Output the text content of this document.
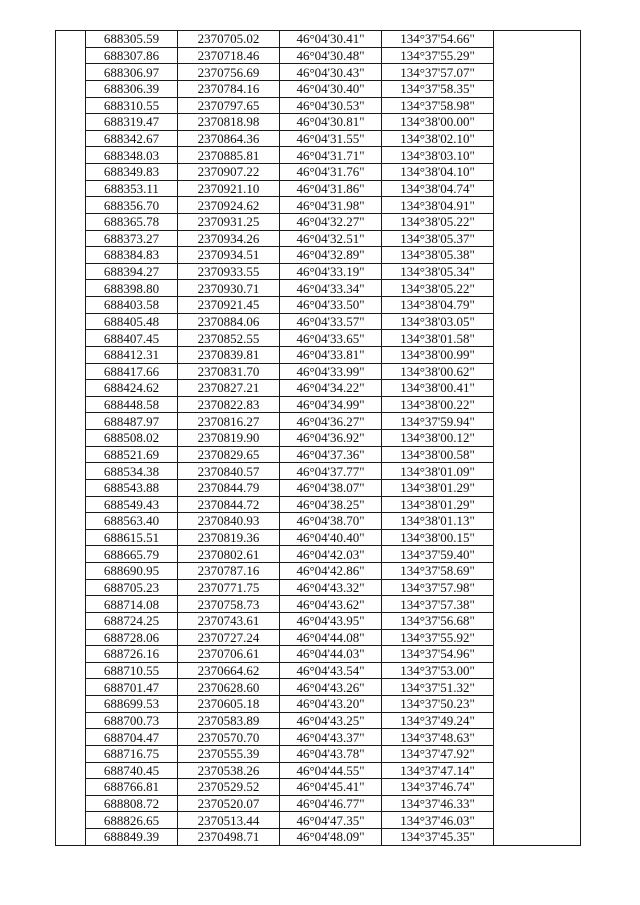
	688305.59	2370705.02	46°04'30.41"	134°37'54.66"	
	688307.86	2370718.46	46°04'30.48"	134°37'55.29"	
	688306.97	2370756.69	46°04'30.43"	134°37'57.07"	
	688306.39	2370784.16	46°04'30.40"	134°37'58.35"	
	688310.55	2370797.65	46°04'30.53"	134°37'58.98"	
	688319.47	2370818.98	46°04'30.81"	134°38'00.00"	
	688342.67	2370864.36	46°04'31.55"	134°38'02.10"	
	688348.03	2370885.81	46°04'31.71"	134°38'03.10"	
	688349.83	2370907.22	46°04'31.76"	134°38'04.10"	
	688353.11	2370921.10	46°04'31.86"	134°38'04.74"	
	688356.70	2370924.62	46°04'31.98"	134°38'04.91"	
	688365.78	2370931.25	46°04'32.27"	134°38'05.22"	
	688373.27	2370934.26	46°04'32.51"	134°38'05.37"	
	688384.83	2370934.51	46°04'32.89"	134°38'05.38"	
	688394.27	2370933.55	46°04'33.19"	134°38'05.34"	
	688398.80	2370930.71	46°04'33.34"	134°38'05.22"	
	688403.58	2370921.45	46°04'33.50"	134°38'04.79"	
	688405.48	2370884.06	46°04'33.57"	134°38'03.05"	
	688407.45	2370852.55	46°04'33.65"	134°38'01.58"	
	688412.31	2370839.81	46°04'33.81"	134°38'00.99"	
	688417.66	2370831.70	46°04'33.99"	134°38'00.62"	
	688424.62	2370827.21	46°04'34.22"	134°38'00.41"	
	688448.58	2370822.83	46°04'34.99"	134°38'00.22"	
	688487.97	2370816.27	46°04'36.27"	134°37'59.94"	
	688508.02	2370819.90	46°04'36.92"	134°38'00.12"	
	688521.69	2370829.65	46°04'37.36"	134°38'00.58"	
	688534.38	2370840.57	46°04'37.77"	134°38'01.09"	
	688543.88	2370844.79	46°04'38.07"	134°38'01.29"	
	688549.43	2370844.72	46°04'38.25"	134°38'01.29"	
	688563.40	2370840.93	46°04'38.70"	134°38'01.13"	
	688615.51	2370819.36	46°04'40.40"	134°38'00.15"	
	688665.79	2370802.61	46°04'42.03"	134°37'59.40"	
	688690.95	2370787.16	46°04'42.86"	134°37'58.69"	
	688705.23	2370771.75	46°04'43.32"	134°37'57.98"	
	688714.08	2370758.73	46°04'43.62"	134°37'57.38"	
	688724.25	2370743.61	46°04'43.95"	134°37'56.68"	
	688728.06	2370727.24	46°04'44.08"	134°37'55.92"	
	688726.16	2370706.61	46°04'44.03"	134°37'54.96"	
	688710.55	2370664.62	46°04'43.54"	134°37'53.00"	
	688701.47	2370628.60	46°04'43.26"	134°37'51.32"	
	688699.53	2370605.18	46°04'43.20"	134°37'50.23"	
	688700.73	2370583.89	46°04'43.25"	134°37'49.24"	
	688704.47	2370570.70	46°04'43.37"	134°37'48.63"	
	688716.75	2370555.39	46°04'43.78"	134°37'47.92"	
	688740.45	2370538.26	46°04'44.55"	134°37'47.14"	
	688766.81	2370529.52	46°04'45.41"	134°37'46.74"	
	688808.72	2370520.07	46°04'46.77"	134°37'46.33"	
	688826.65	2370513.44	46°04'47.35"	134°37'46.03"	
	688849.39	2370498.71	46°04'48.09"	134°37'45.35"	
